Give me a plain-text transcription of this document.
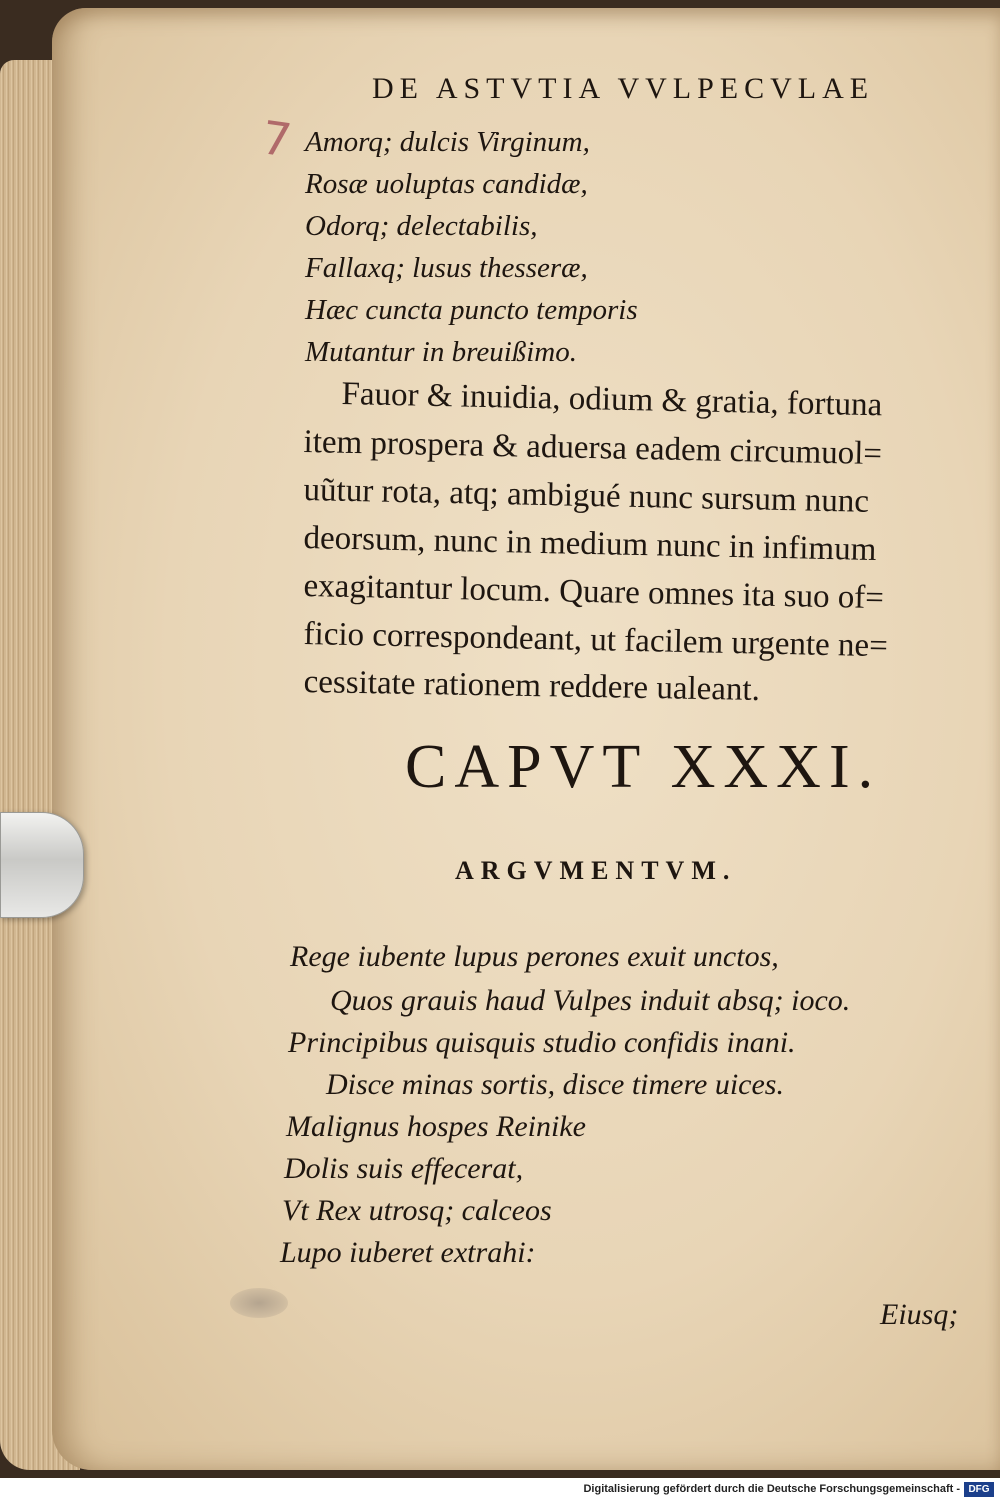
7
DE ASTVTIA VVLPECVLAE
Amorq; dulcis Virginum,
Rosæ uoluptas candidæ,
Odorq; delectabilis,
Fallaxq; lusus thesseræ,
Hæc cuncta puncto temporis
Mutantur in breuißimo.
Fauor & inuidia, odium & gratia, fortuna
item prospera & aduersa eadem circumuol=
uũtur rota, atq; ambigué nunc sursum nunc
deorsum, nunc in medium nunc in infimum
exagitantur locum. Quare omnes ita suo of=
ficio correspondeant, ut facilem urgente ne=
cessitate rationem reddere ualeant.
CAPVT XXXI.
ARGVMENTVM.
Rege iubente lupus perones exuit unctos,
Quos grauis haud Vulpes induit absq; ioco.
Principibus quisquis studio confidis inani.
Disce minas sortis, disce timere uices.
Malignus hospes Reinike
Dolis suis effecerat,
Vt Rex utrosq; calceos
Lupo iuberet extrahi:
Eiusq;
Digitalisierung gefördert durch die Deutsche Forschungsgemeinschaft - DFG
